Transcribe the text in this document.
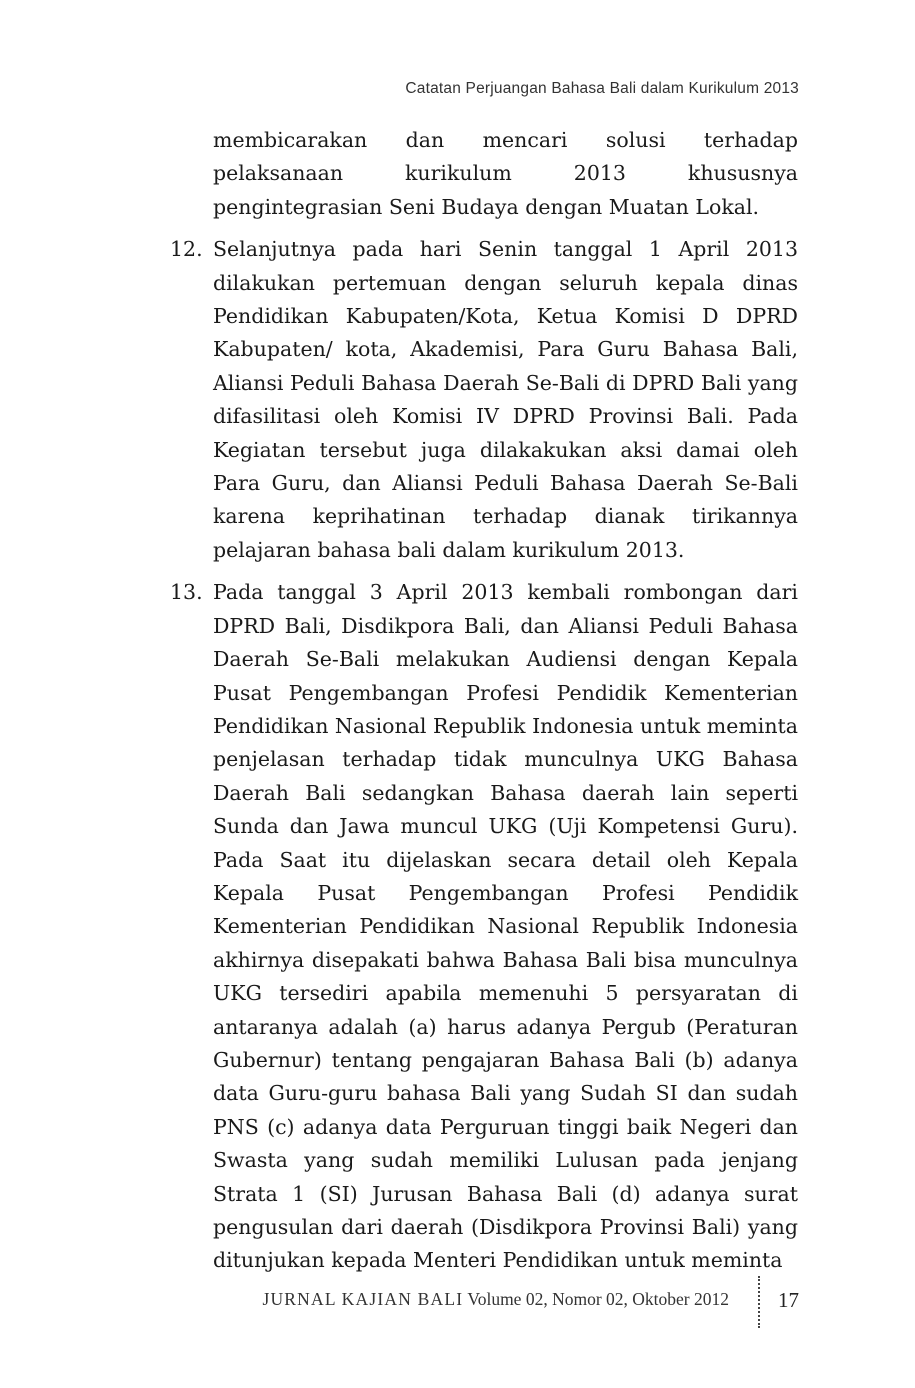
Catatan Perjuangan Bahasa Bali dalam Kurikulum 2013

membicarakan dan mencari solusi terhadap pelaksanaan kurikulum 2013 khususnya pengintegrasian Seni Budaya dengan Muatan Lokal.

12. Selanjutnya pada hari Senin tanggal 1 April 2013 dilakukan pertemuan dengan seluruh kepala dinas Pendidikan Kabupaten/Kota, Ketua Komisi D DPRD Kabupaten/ kota, Akademisi, Para Guru Bahasa Bali, Aliansi Peduli Bahasa Daerah Se-Bali di DPRD Bali yang difasilitasi oleh Komisi IV DPRD Provinsi Bali. Pada Kegiatan tersebut juga dilakakukan aksi damai oleh Para Guru, dan Aliansi Peduli Bahasa Daerah Se-Bali karena keprihatinan terhadap dianak tirikannya pelajaran bahasa bali dalam kurikulum 2013.

13. Pada tanggal 3 April 2013 kembali rombongan dari DPRD Bali, Disdikpora Bali, dan Aliansi Peduli Bahasa Daerah Se-Bali melakukan Audiensi dengan Kepala Pusat Pengembangan Profesi Pendidik Kementerian Pendidikan Nasional Republik Indonesia untuk meminta penjelasan terhadap tidak munculnya UKG Bahasa Daerah Bali sedangkan Bahasa daerah lain seperti Sunda dan Jawa muncul UKG (Uji Kompetensi Guru). Pada Saat itu dijelaskan secara detail oleh Kepala Kepala Pusat Pengembangan Profesi Pendidik Kementerian Pendidikan Nasional Republik Indonesia akhirnya disepakati bahwa Bahasa Bali bisa munculnya UKG tersediri apabila memenuhi 5 persyaratan di antaranya adalah (a) harus adanya Pergub (Peraturan Gubernur) tentang pengajaran Bahasa Bali (b) adanya data Guru-guru bahasa Bali yang Sudah SI dan sudah PNS (c) adanya data Perguruan tinggi baik Negeri dan Swasta yang sudah memiliki Lulusan pada jenjang Strata 1 (SI) Jurusan Bahasa Bali (d) adanya surat pengusulan dari daerah (Disdikpora Provinsi Bali) yang ditunjukan kepada Menteri Pendidikan untuk meminta

JURNAL KAJIAN BALI Volume 02, Nomor 02, Oktober 2012 17
